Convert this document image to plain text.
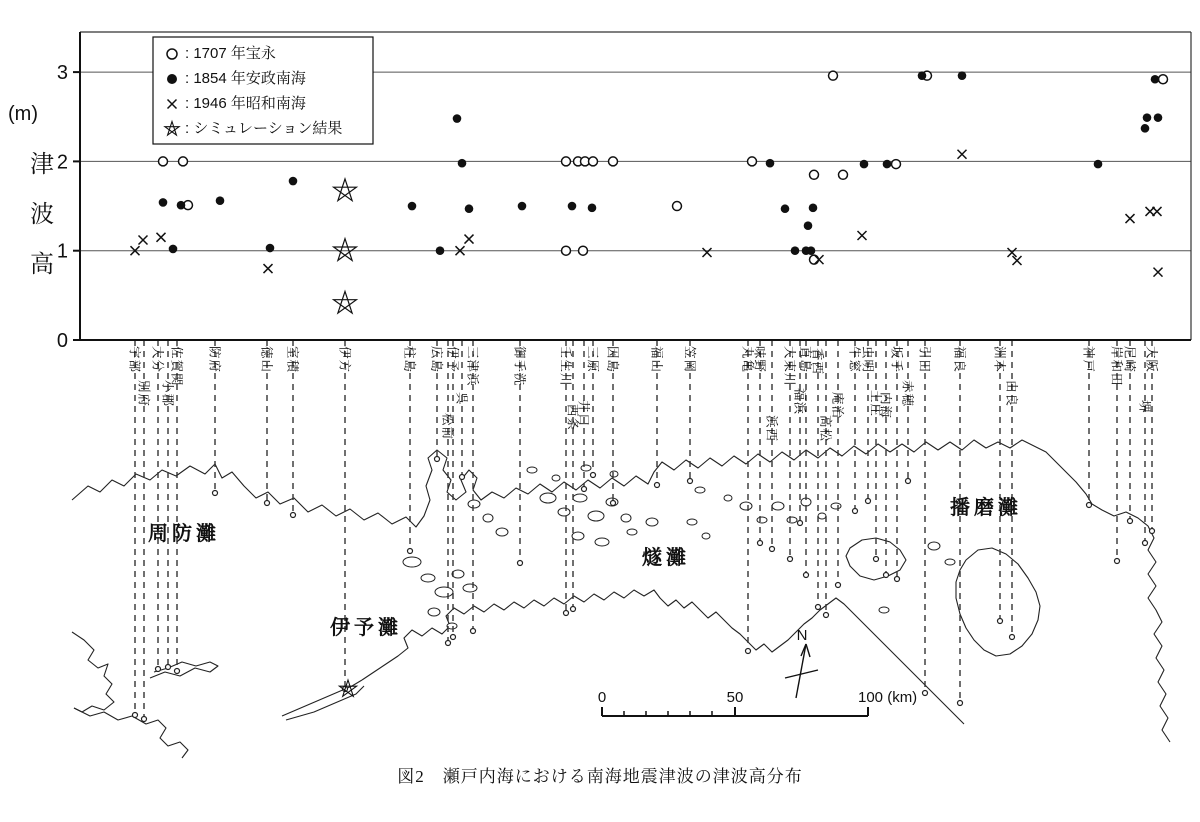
3
2
1
0
(m)
津
波
高
宇部
別府
大分
小郡
佐賀関 防府	徳山 室積	伊方	柱島 広島
松前
伊予
呉
三津浜	御手洗	壬生川
西条
井口
三原 因島 福山 笠岡	丸亀
味野
浜西
大束川
福浜
直島
香西
高松
庵治
牛窓 虫明
土庄
内海
坂手
赤穂
引田 福良 洲本
由良
神戸 岸和田 尼崎
堺
大阪
: 1707 年宝永
: 1854 年安政南海
: 1946 年昭和南海
: シミュレーション結果
周防灘
伊予灘
燧灘
播磨灘
N
0	50	100 (km)
図2　瀬戸内海における南海地震津波の津波高分布
